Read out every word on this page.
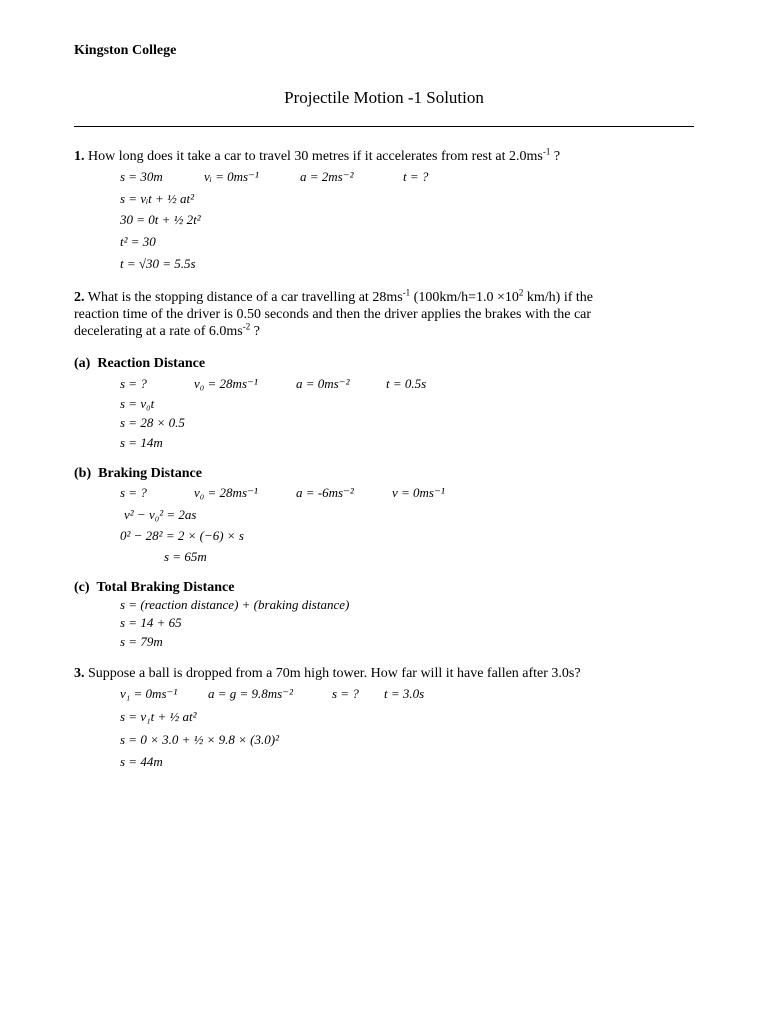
Kingston College
Projectile Motion -1 Solution
1. How long does it take a car to travel 30 metres if it accelerates from rest at $2.0ms^{-1}$ ?
s = 30m	vᵢ = 0ms⁻¹	a = 2ms⁻²	t = ?
s = vᵢt + ½ at²
30 = 0t + ½ 2t²
t² = 30
t = √30 = 5.5s
2. What is the stopping distance of a car travelling at $28ms^{-1}$ ($100km/h=1.0 \times 10^2$ km/h) if the
reaction time of the driver is 0.50 seconds and then the driver applies the brakes with the car
decelerating at a rate of $6.0ms^{-2}$ ?
(a) Reaction Distance
s = ?	v₀ = 28ms⁻¹	a = 0ms⁻²	t = 0.5s
s = v₀t
s = 28 × 0.5
s = 14m
(b) Braking Distance
s = ?	v₀ = 28ms⁻¹	a = -6ms⁻²	v = 0ms⁻¹
v² − v₀² = 2as
0² − 28² = 2 × (−6) × s
s = 65m
(c) Total Braking Distance
s = (reaction distance) + (braking distance)
s = 14 + 65
s = 79m
3. Suppose a ball is dropped from a 70m high tower. How far will it have fallen after 3.0s?
v₁ = 0ms⁻¹ a = g = 9.8ms⁻²	s = ? t = 3.0s
s = v₁t + ½ at²
s = 0 × 3.0 + ½ × 9.8 × (3.0)²
s = 44m
